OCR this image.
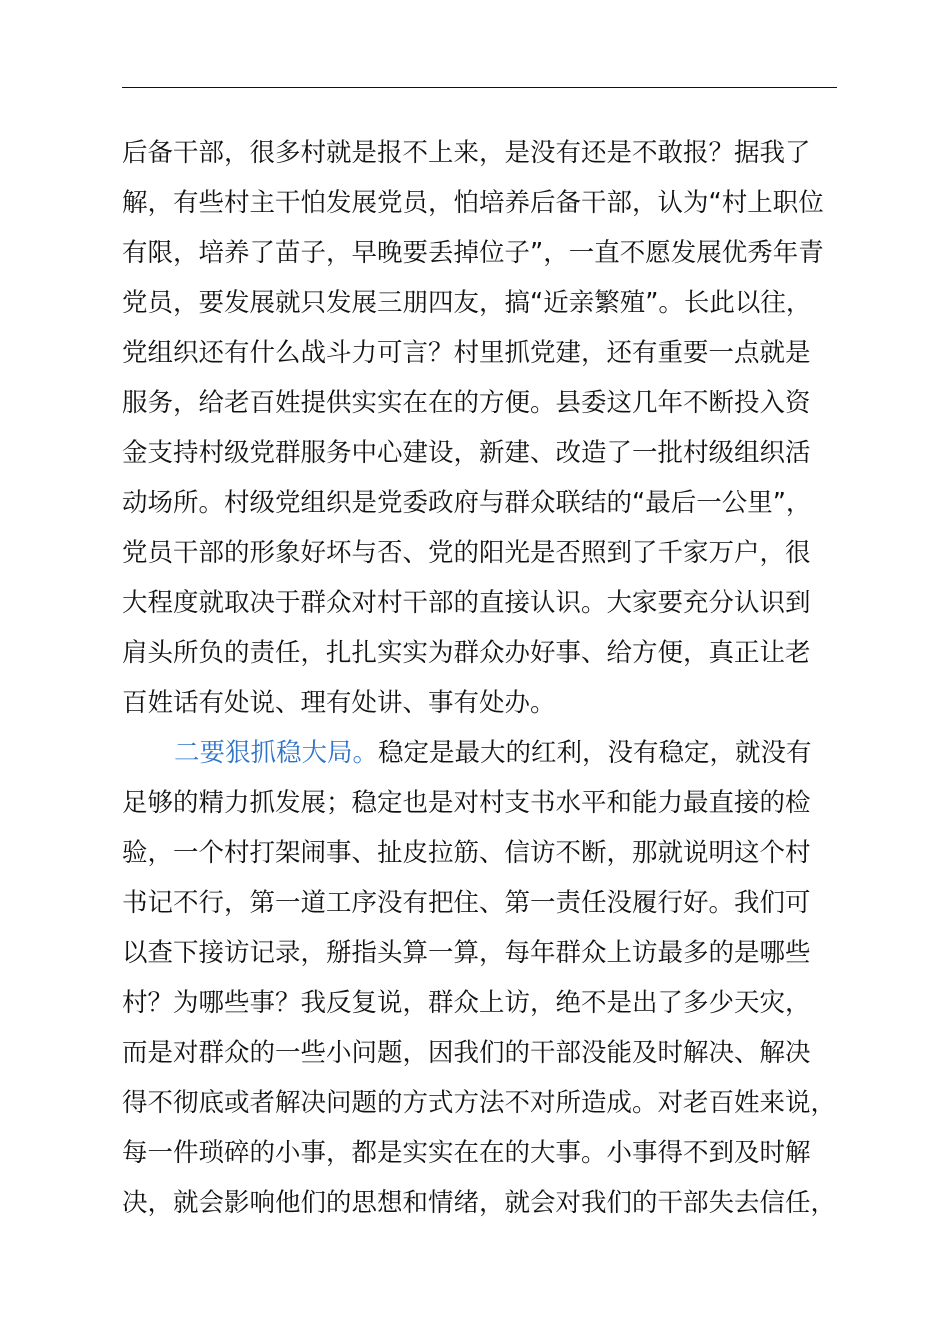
后备干部，很多村就是报不上来，是没有还是不敢报？据我了
解，有些村主干怕发展党员，怕培养后备干部，认为“村上职位
有限，培养了苗子，早晚要丢掉位子”，一直不愿发展优秀年青
党员，要发展就只发展三朋四友，搞“近亲繁殖”。长此以往，
党组织还有什么战斗力可言？村里抓党建，还有重要一点就是
服务，给老百姓提供实实在在的方便。县委这几年不断投入资
金支持村级党群服务中心建设，新建、改造了一批村级组织活
动场所。村级党组织是党委政府与群众联结的“最后一公里”，
党员干部的形象好坏与否、党的阳光是否照到了千家万户，很
大程度就取决于群众对村干部的直接认识。大家要充分认识到
肩头所负的责任，扎扎实实为群众办好事、给方便，真正让老
百姓话有处说、理有处讲、事有处办。
二要狠抓稳大局。稳定是最大的红利，没有稳定，就没有
足够的精力抓发展；稳定也是对村支书水平和能力最直接的检
验，一个村打架闹事、扯皮拉筋、信访不断，那就说明这个村
书记不行，第一道工序没有把住、第一责任没履行好。我们可
以查下接访记录，掰指头算一算，每年群众上访最多的是哪些
村？为哪些事？我反复说，群众上访，绝不是出了多少天灾，
而是对群众的一些小问题，因我们的干部没能及时解决、解决
得不彻底或者解决问题的方式方法不对所造成。对老百姓来说，
每一件琐碎的小事，都是实实在在的大事。小事得不到及时解
决，就会影响他们的思想和情绪，就会对我们的干部失去信任，
